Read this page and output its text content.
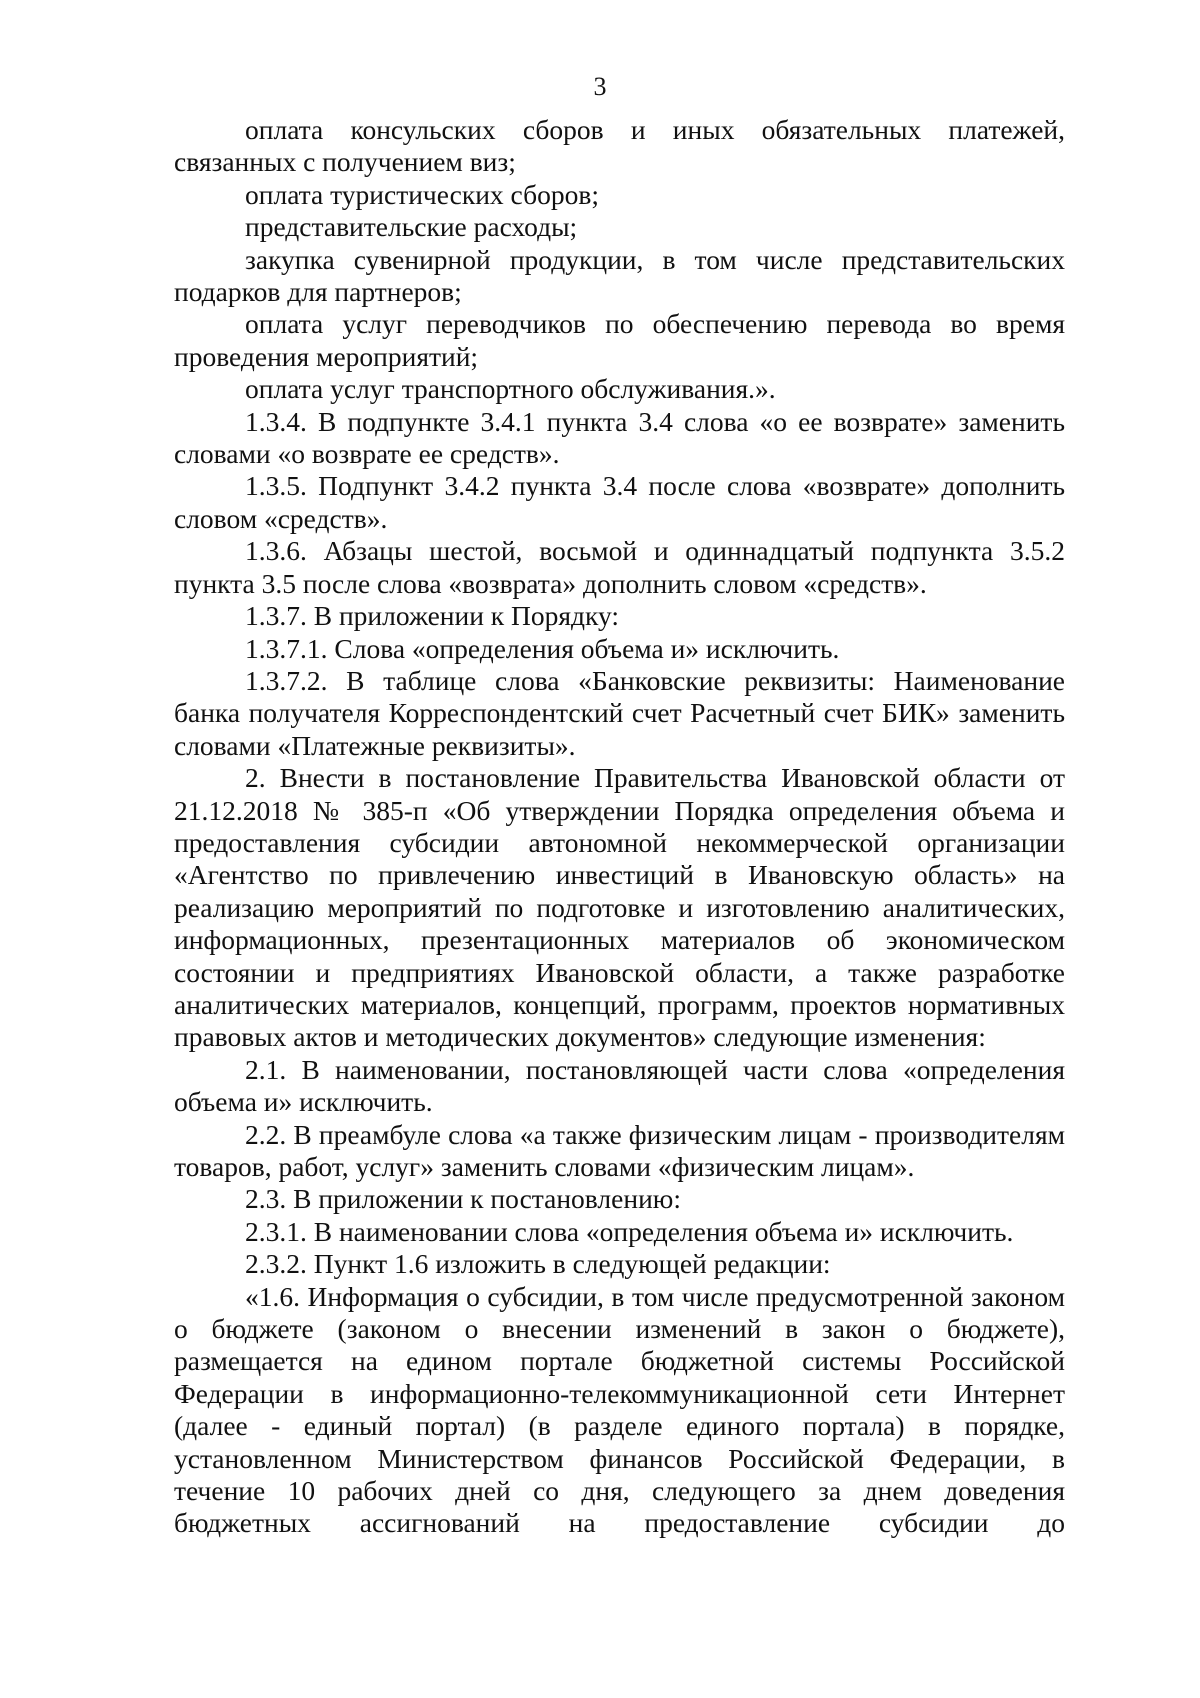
3

оплата консульских сборов и иных обязательных платежей, связанных с получением виз;

оплата туристических сборов;

представительские расходы;

закупка сувенирной продукции, в том числе представительских подарков для партнеров;

оплата услуг переводчиков по обеспечению перевода во время проведения мероприятий;

оплата услуг транспортного обслуживания.».

1.3.4. В подпункте 3.4.1 пункта 3.4 слова «о ее возврате» заменить словами «о возврате ее средств».

1.3.5. Подпункт 3.4.2 пункта 3.4 после слова «возврате» дополнить словом «средств».

1.3.6. Абзацы шестой, восьмой и одиннадцатый подпункта 3.5.2 пункта 3.5 после слова «возврата» дополнить словом «средств».

1.3.7. В приложении к Порядку:

1.3.7.1. Слова «определения объема и» исключить.

1.3.7.2. В таблице слова «Банковские реквизиты: Наименование банка получателя Корреспондентский счет Расчетный счет БИК» заменить словами «Платежные реквизиты».

2. Внести в постановление Правительства Ивановской области от 21.12.2018 № 385-п «Об утверждении Порядка определения объема и предоставления субсидии автономной некоммерческой организации «Агентство по привлечению инвестиций в Ивановскую область» на реализацию мероприятий по подготовке и изготовлению аналитических, информационных, презентационных материалов об экономическом состоянии и предприятиях Ивановской области, а также разработке аналитических материалов, концепций, программ, проектов нормативных правовых актов и методических документов» следующие изменения:

2.1. В наименовании, постановляющей части слова «определения объема и» исключить.

2.2. В преамбуле слова «а также физическим лицам - производителям товаров, работ, услуг» заменить словами «физическим лицам».

2.3. В приложении к постановлению:

2.3.1. В наименовании слова «определения объема и» исключить.

2.3.2. Пункт 1.6 изложить в следующей редакции:

«1.6. Информация о субсидии, в том числе предусмотренной законом о бюджете (законом о внесении изменений в закон о бюджете), размещается на едином портале бюджетной системы Российской Федерации в информационно-телекоммуникационной сети Интернет (далее - единый портал) (в разделе единого портала) в порядке, установленном Министерством финансов Российской Федерации, в течение 10 рабочих дней со дня, следующего за днем доведения бюджетных ассигнований на предоставление субсидии до
